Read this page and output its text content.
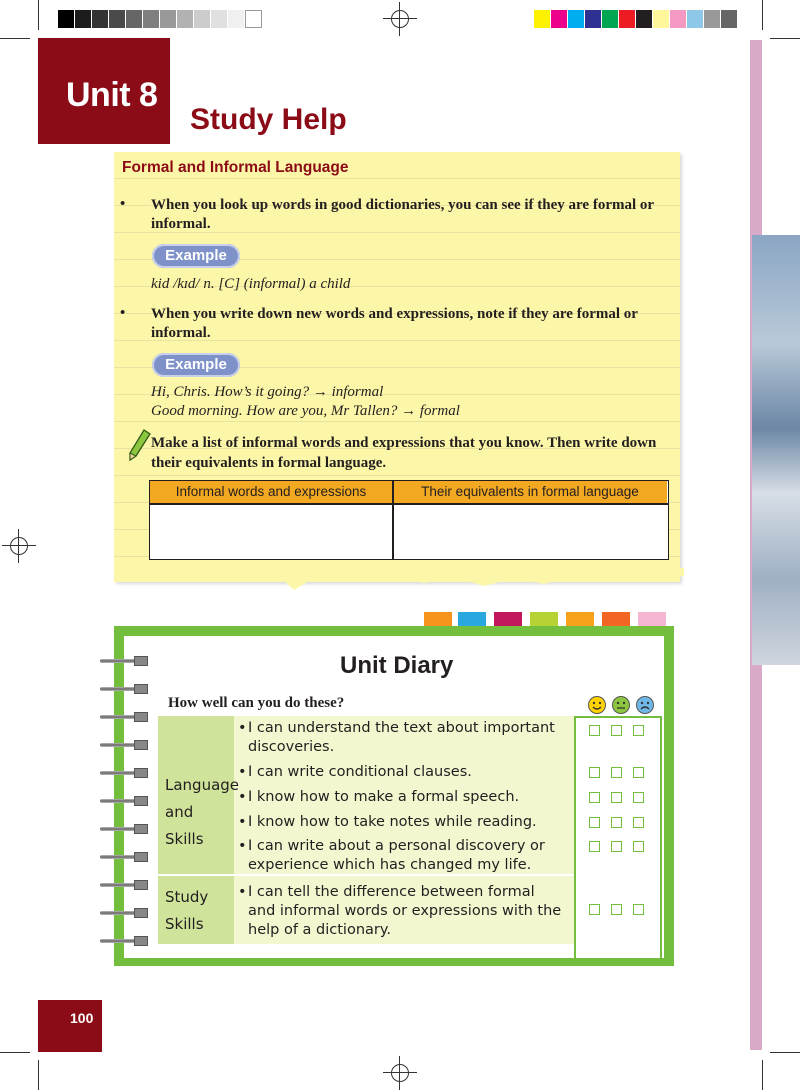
Unit 8
Study Help
Formal and Informal Language
• When you look up words in good dictionaries, you can see if they are formal or informal.
Example
kid /kɪd/ n. [C] (informal) a child
• When you write down new words and expressions, note if they are formal or informal.
Example
Hi, Chris. How’s it going? → informal
Good morning. How are you, Mr Tallen? → formal
Make a list of informal words and expressions that you know. Then write down their equivalents in formal language.
Informal words and expressions	Their equivalents in formal language
Unit Diary
How well can you do these?
Language
and Skills
Study
Skills
• I can understand the text about important
discoveries.
• I can write conditional clauses.
• I know how to make a formal speech.
• I know how to take notes while reading.
• I can write about a personal discovery or
experience which has changed my life.
• I can tell the difference between formal
and informal words or expressions with the
help of a dictionary.
100
